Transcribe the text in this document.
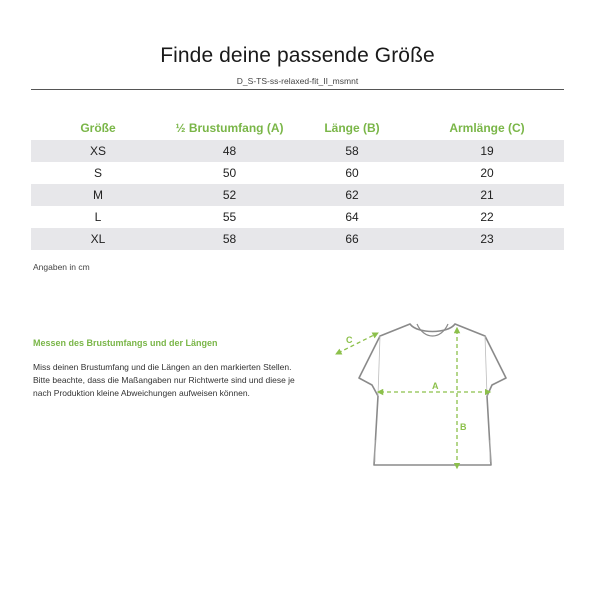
Finde deine passende Größe
D_S-TS-ss-relaxed-fit_II_msmnt
Größe	½ Brustumfang (A)	Länge (B)	Armlänge (C)
XS	48	58	19
S	50	60	20
M	52	62	21
L	55	64	22
XL	58	66	23
Angaben in cm
Messen des Brustumfangs und der Längen

Miss deinen Brustumfang und die Längen an den markierten Stellen.

Bitte beachte, dass die Maßangaben nur Richtwerte sind und diese je nach Produktion kleine Abweichungen aufweisen können.

A
B
C
